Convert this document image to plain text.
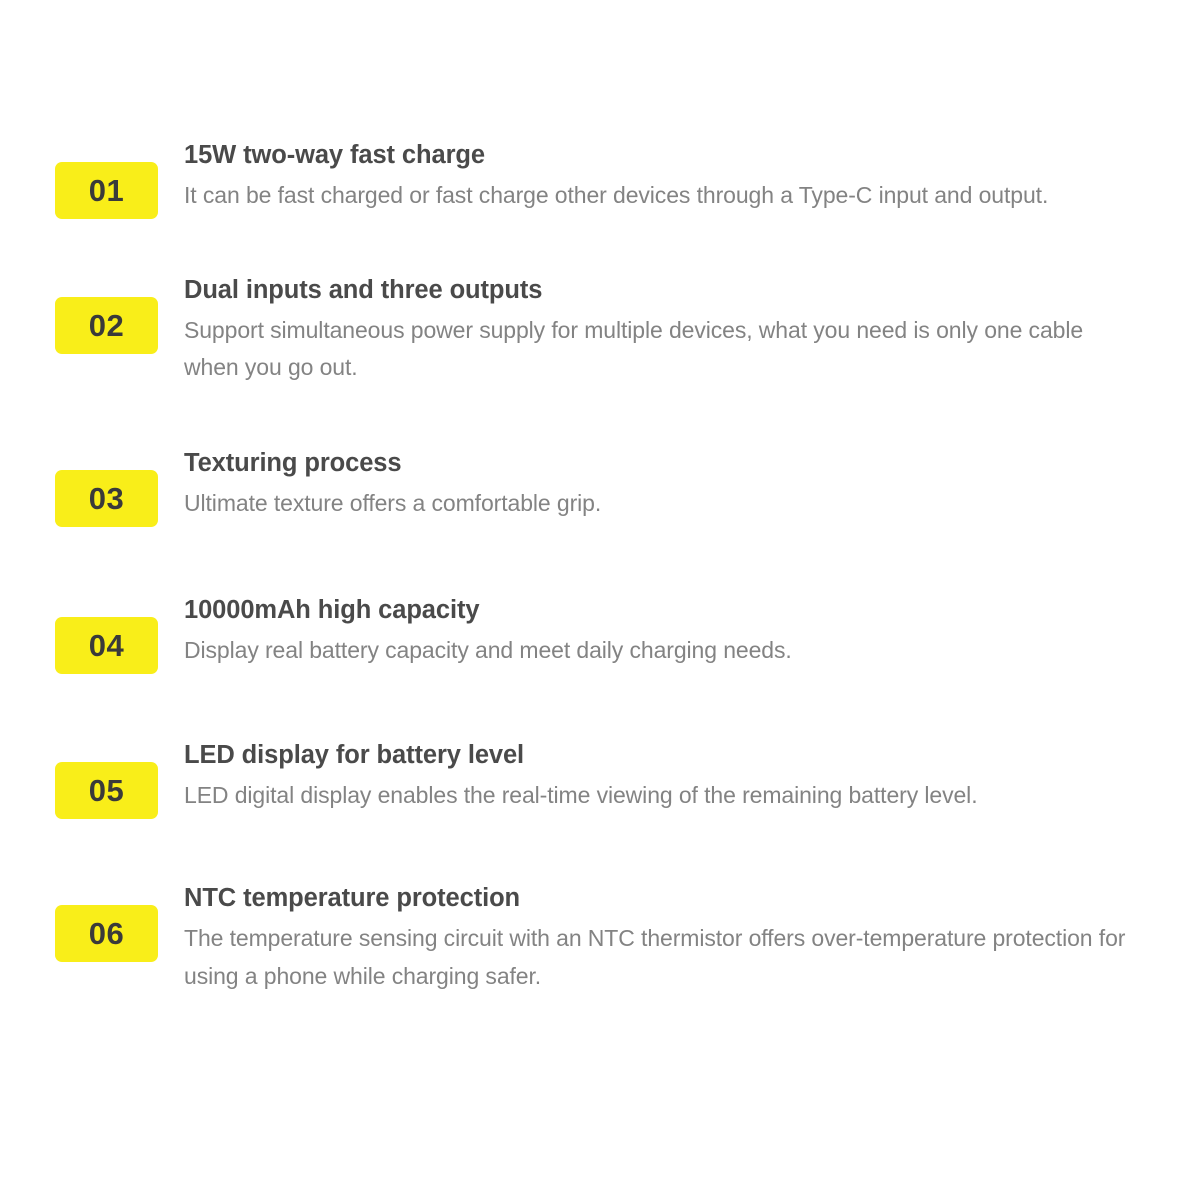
01

15W two-way fast charge

It can be fast charged or fast charge other devices through a Type-C input and output.

02

Dual inputs and three outputs

Support simultaneous power supply for multiple devices, what you need is only one cable when you go out.

03

Texturing process

Ultimate texture offers a comfortable grip.

04

10000mAh high capacity

Display real battery capacity and meet daily charging needs.

05

LED display for battery level

LED digital display enables the real-time viewing of the remaining battery level.

06

NTC temperature protection

The temperature sensing circuit with an NTC thermistor offers over-temperature protection for using a phone while charging safer.
